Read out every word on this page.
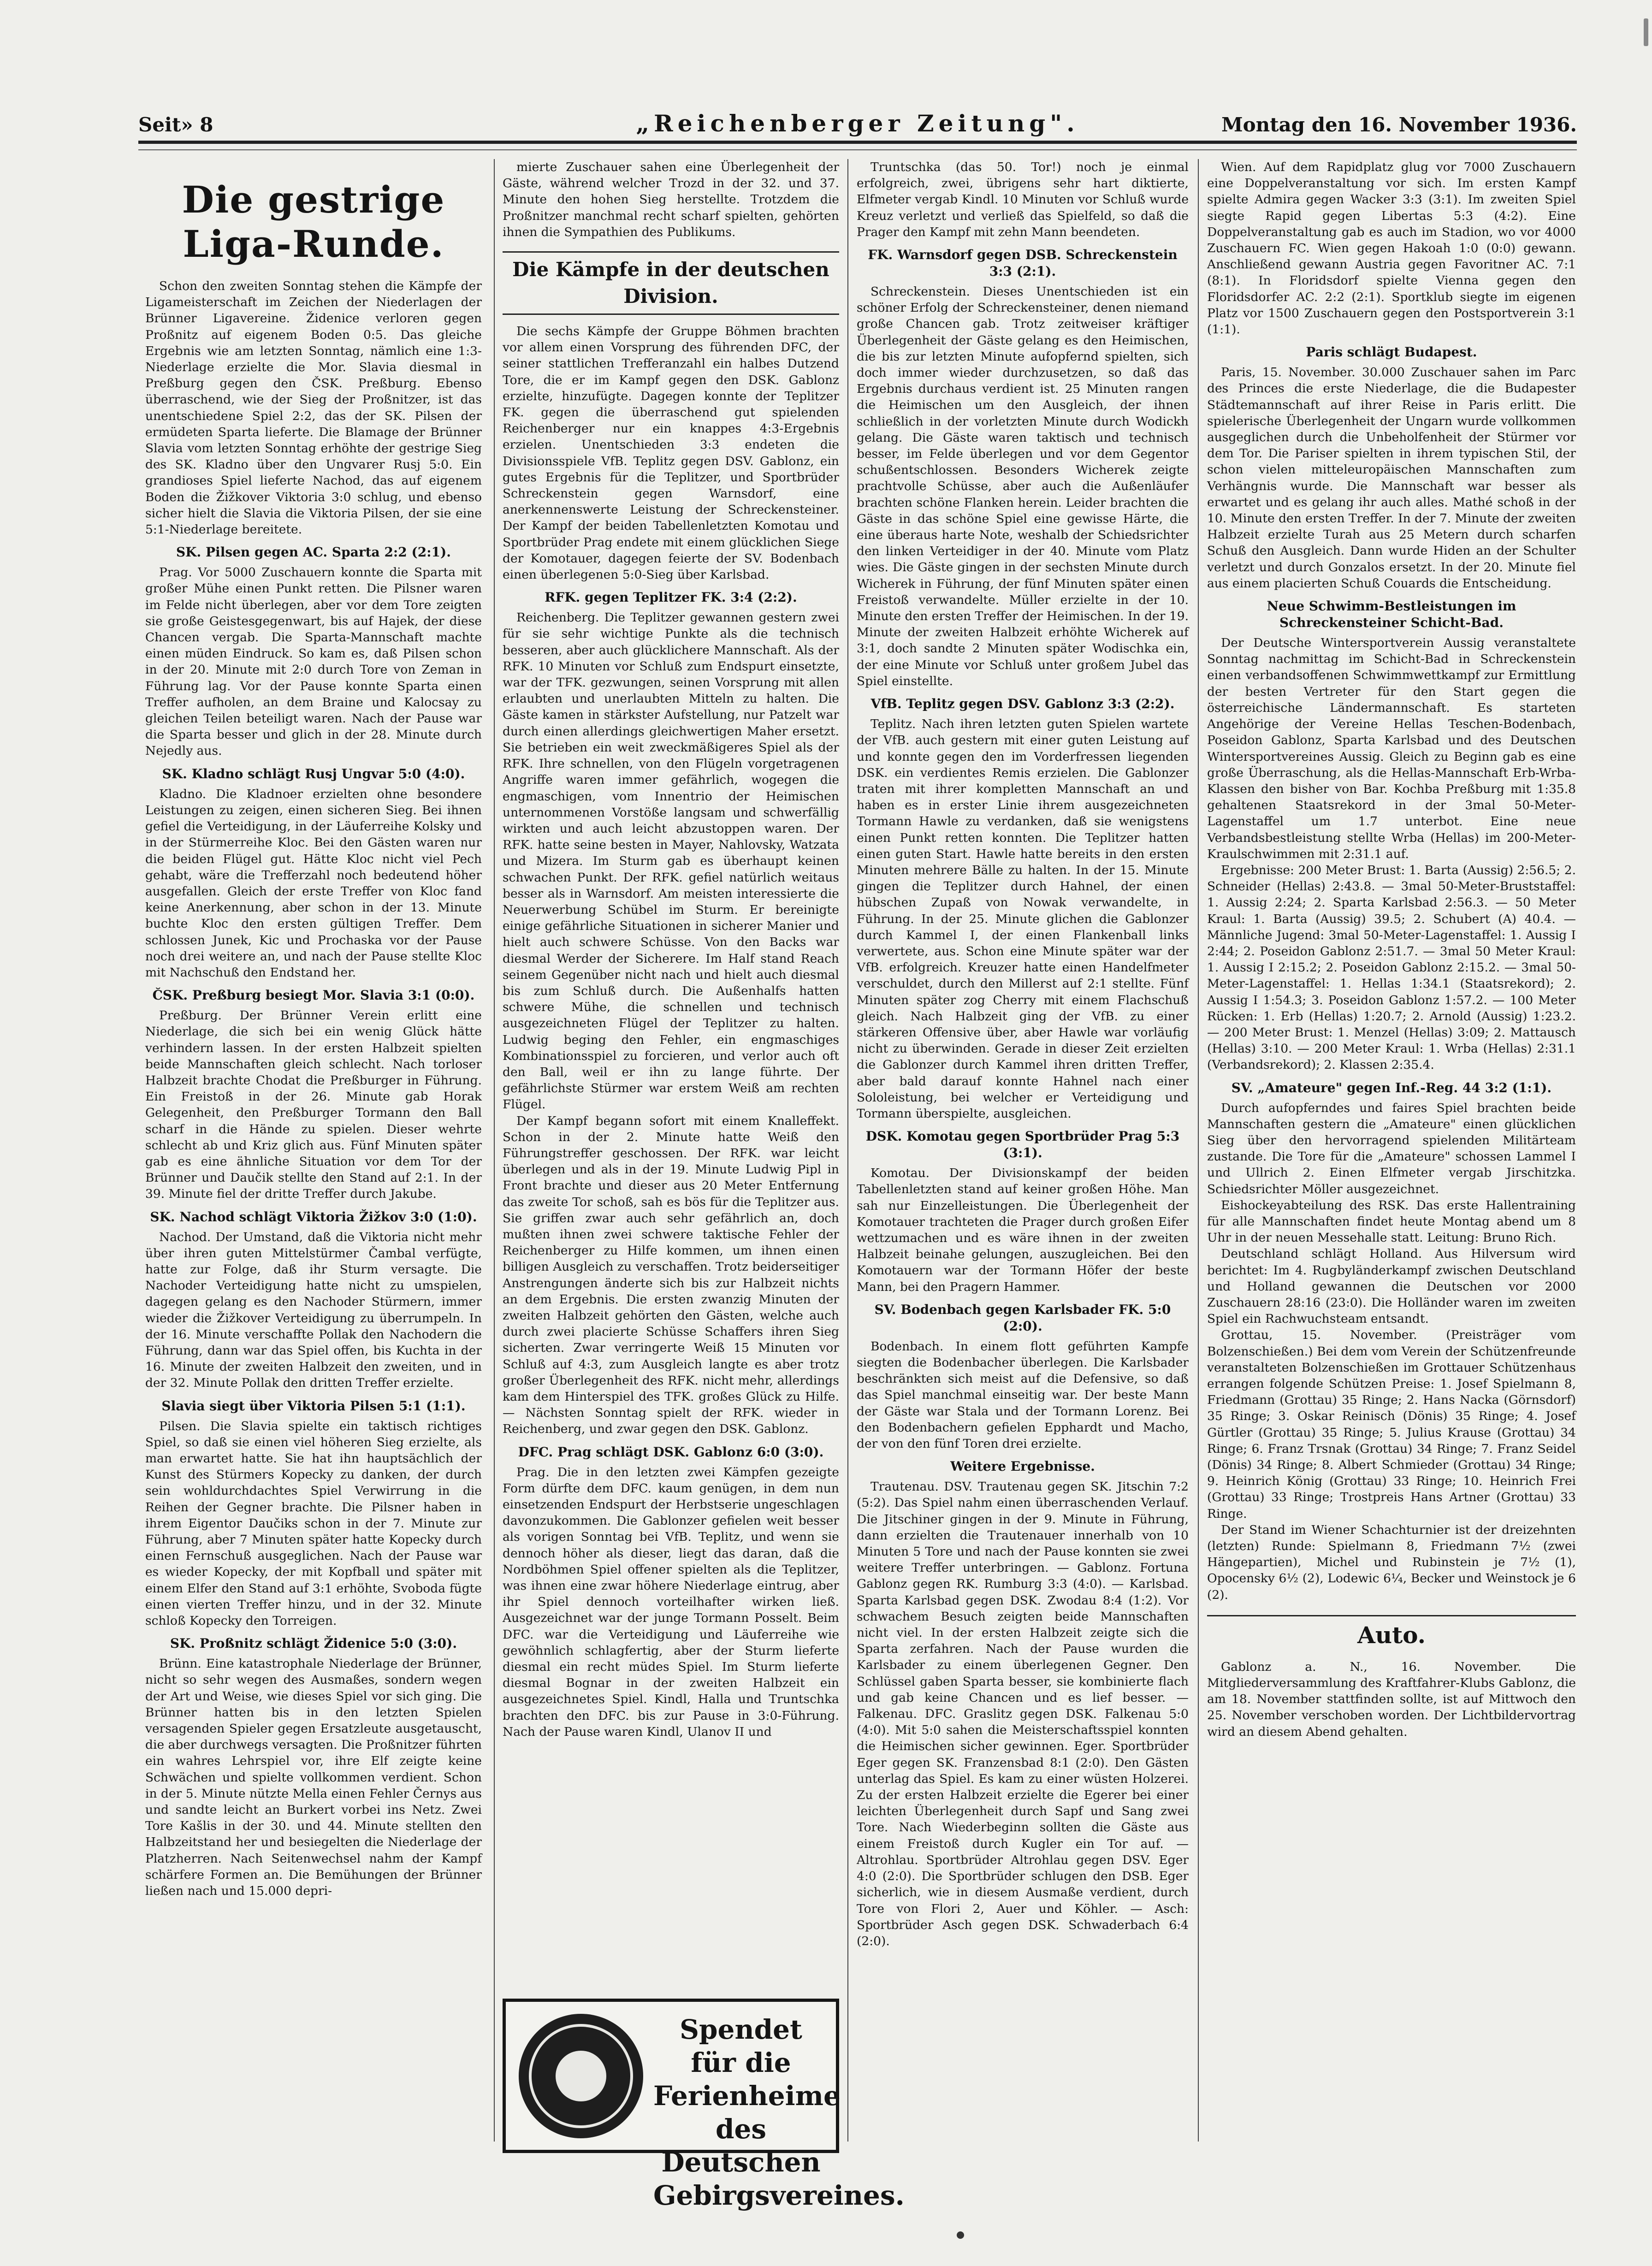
Seit» 8	„Reichenberger Zeitung".	Montag den 16. November 1936.
Die gestrige Liga-Runde.

Schon den zweiten Sonntag stehen die Kämpfe der Ligameisterschaft im Zeichen der Niederlagen der Brünner Ligavereine. Židenice verloren gegen Proßnitz auf eigenem Boden 0:5. Das gleiche Ergebnis wie am letzten Sonntag, nämlich eine 1:3-Niederlage erzielte die Mor. Slavia diesmal in Preßburg gegen den ČSK. Preßburg. Ebenso überraschend, wie der Sieg der Proßnitzer, ist das unentschiedene Spiel 2:2, das der SK. Pilsen der ermüdeten Sparta lieferte. Die Blamage der Brünner Slavia vom letzten Sonntag erhöhte der gestrige Sieg des SK. Kladno über den Ungvarer Rusj 5:0. Ein grandioses Spiel lieferte Nachod, das auf eigenem Boden die Žižkover Viktoria 3:0 schlug, und ebenso sicher hielt die Slavia die Viktoria Pilsen, der sie eine 5:1-Niederlage bereitete.

SK. Pilsen gegen AC. Sparta 2:2 (2:1).

Prag. Vor 5000 Zuschauern konnte die Sparta mit großer Mühe einen Punkt retten. Die Pilsner waren im Felde nicht überlegen, aber vor dem Tore zeigten sie große Geistesgegenwart, bis auf Hajek, der diese Chancen vergab. Die Sparta-Mannschaft machte einen müden Eindruck. So kam es, daß Pilsen schon in der 20. Minute mit 2:0 durch Tore von Zeman in Führung lag. Vor der Pause konnte Sparta einen Treffer aufholen, an dem Braine und Kalocsay zu gleichen Teilen beteiligt waren. Nach der Pause war die Sparta besser und glich in der 28. Minute durch Nejedly aus.

SK. Kladno schlägt Rusj Ungvar 5:0 (4:0).

Kladno. Die Kladnoer erzielten ohne besondere Leistungen zu zeigen, einen sicheren Sieg. Bei ihnen gefiel die Verteidigung, in der Läuferreihe Kolsky und in der Stürmerreihe Kloc. Bei den Gästen waren nur die beiden Flügel gut. Hätte Kloc nicht viel Pech gehabt, wäre die Trefferzahl noch bedeutend höher ausgefallen. Gleich der erste Treffer von Kloc fand keine Anerkennung, aber schon in der 13. Minute buchte Kloc den ersten gültigen Treffer. Dem schlossen Junek, Kic und Prochaska vor der Pause noch drei weitere an, und nach der Pause stellte Kloc mit Nachschuß den Endstand her.

ČSK. Preßburg besiegt Mor. Slavia 3:1 (0:0).

Preßburg. Der Brünner Verein erlitt eine Niederlage, die sich bei ein wenig Glück hätte verhindern lassen. In der ersten Halbzeit spielten beide Mannschaften gleich schlecht. Nach torloser Halbzeit brachte Chodat die Preßburger in Führung. Ein Freistoß in der 26. Minute gab Horak Gelegenheit, den Preßburger Tormann den Ball scharf in die Hände zu spielen. Dieser wehrte schlecht ab und Kriz glich aus. Fünf Minuten später gab es eine ähnliche Situation vor dem Tor der Brünner und Daučik stellte den Stand auf 2:1. In der 39. Minute fiel der dritte Treffer durch Jakube.

SK. Nachod schlägt Viktoria Žižkov 3:0 (1:0).

Nachod. Der Umstand, daß die Viktoria nicht mehr über ihren guten Mittelstürmer Čambal verfügte, hatte zur Folge, daß ihr Sturm versagte. Die Nachoder Verteidigung hatte nicht zu umspielen, dagegen gelang es den Nachoder Stürmern, immer wieder die Žižkover Verteidigung zu überrumpeln. In der 16. Minute verschaffte Pollak den Nachodern die Führung, dann war das Spiel offen, bis Kuchta in der 16. Minute der zweiten Halbzeit den zweiten, und in der 32. Minute Pollak den dritten Treffer erzielte.

Slavia siegt über Viktoria Pilsen 5:1 (1:1).

Pilsen. Die Slavia spielte ein taktisch richtiges Spiel, so daß sie einen viel höheren Sieg erzielte, als man erwartet hatte. Sie hat ihn hauptsächlich der Kunst des Stürmers Kopecky zu danken, der durch sein wohldurchdachtes Spiel Verwirrung in die Reihen der Gegner brachte. Die Pilsner haben in ihrem Eigentor Daučiks schon in der 7. Minute zur Führung, aber 7 Minuten später hatte Kopecky durch einen Fernschuß ausgeglichen. Nach der Pause war es wieder Kopecky, der mit Kopfball und später mit einem Elfer den Stand auf 3:1 erhöhte, Svoboda fügte einen vierten Treffer hinzu, und in der 32. Minute schloß Kopecky den Torreigen.

SK. Proßnitz schlägt Židenice 5:0 (3:0).

Brünn. Eine katastrophale Niederlage der Brünner, nicht so sehr wegen des Ausmaßes, sondern wegen der Art und Weise, wie dieses Spiel vor sich ging. Die Brünner hatten bis in den letzten Spielen versagenden Spieler gegen Ersatzleute ausgetauscht, die aber durchwegs versagten. Die Proßnitzer führten ein wahres Lehrspiel vor, ihre Elf zeigte keine Schwächen und spielte vollkommen verdient. Schon in der 5. Minute nützte Mella einen Fehler Černys aus und sandte leicht an Burkert vorbei ins Netz. Zwei Tore Kašlis in der 30. und 44. Minute stellten den Halbzeitstand her und besiegelten die Niederlage der Platzherren. Nach Seitenwechsel nahm der Kampf schärfere Formen an. Die Bemühungen der Brünner ließen nach und 15.000 depri-

mierte Zuschauer sahen eine Überlegenheit der Gäste, während welcher Trozd in der 32. und 37. Minute den hohen Sieg herstellte. Trotzdem die Proßnitzer manchmal recht scharf spielten, gehörten ihnen die Sympathien des Publikums.

Die Kämpfe in der deutschen Division.

Die sechs Kämpfe der Gruppe Böhmen brachten vor allem einen Vorsprung des führenden DFC, der seiner stattlichen Trefferanzahl ein halbes Dutzend Tore, die er im Kampf gegen den DSK. Gablonz erzielte, hinzufügte. Dagegen konnte der Teplitzer FK. gegen die überraschend gut spielenden Reichenberger nur ein knappes 4:3-Ergebnis erzielen. Unentschieden 3:3 endeten die Divisionsspiele VfB. Teplitz gegen DSV. Gablonz, ein gutes Ergebnis für die Teplitzer, und Sportbrüder Schreckenstein gegen Warnsdorf, eine anerkennenswerte Leistung der Schreckensteiner. Der Kampf der beiden Tabellenletzten Komotau und Sportbrüder Prag endete mit einem glücklichen Siege der Komotauer, dagegen feierte der SV. Bodenbach einen überlegenen 5:0-Sieg über Karlsbad.

RFK. gegen Teplitzer FK. 3:4 (2:2).

Reichenberg. Die Teplitzer gewannen gestern zwei für sie sehr wichtige Punkte als die technisch besseren, aber auch glücklichere Mannschaft. Als der RFK. 10 Minuten vor Schluß zum Endspurt einsetzte, war der TFK. gezwungen, seinen Vorsprung mit allen erlaubten und unerlaubten Mitteln zu halten. Die Gäste kamen in stärkster Aufstellung, nur Patzelt war durch einen allerdings gleichwertigen Maher ersetzt. Sie betrieben ein weit zweckmäßigeres Spiel als der RFK. Ihre schnellen, von den Flügeln vorgetragenen Angriffe waren immer gefährlich, wogegen die engmaschigen, vom Innentrio der Heimischen unternommenen Vorstöße langsam und schwerfällig wirkten und auch leicht abzustoppen waren. Der RFK. hatte seine besten in Mayer, Nahlovsky, Watzata und Mizera. Im Sturm gab es überhaupt keinen schwachen Punkt. Der RFK. gefiel natürlich weitaus besser als in Warnsdorf. Am meisten interessierte die Neuerwerbung Schübel im Sturm. Er bereinigte einige gefährliche Situationen in sicherer Manier und hielt auch schwere Schüsse. Von den Backs war diesmal Werder der Sicherere. Im Half stand Reach seinem Gegenüber nicht nach und hielt auch diesmal bis zum Schluß durch. Die Außenhalfs hatten schwere Mühe, die schnellen und technisch ausgezeichneten Flügel der Teplitzer zu halten. Ludwig beging den Fehler, ein engmaschiges Kombinationsspiel zu forcieren, und verlor auch oft den Ball, weil er ihn zu lange führte. Der gefährlichste Stürmer war erstem Weiß am rechten Flügel.

Der Kampf begann sofort mit einem Knalleffekt. Schon in der 2. Minute hatte Weiß den Führungstreffer geschossen. Der RFK. war leicht überlegen und als in der 19. Minute Ludwig Pipl in Front brachte und dieser aus 20 Meter Entfernung das zweite Tor schoß, sah es bös für die Teplitzer aus. Sie griffen zwar auch sehr gefährlich an, doch mußten ihnen zwei schwere taktische Fehler der Reichenberger zu Hilfe kommen, um ihnen einen billigen Ausgleich zu verschaffen. Trotz beiderseitiger Anstrengungen änderte sich bis zur Halbzeit nichts an dem Ergebnis. Die ersten zwanzig Minuten der zweiten Halbzeit gehörten den Gästen, welche auch durch zwei placierte Schüsse Schaffers ihren Sieg sicherten. Zwar verringerte Weiß 15 Minuten vor Schluß auf 4:3, zum Ausgleich langte es aber trotz großer Überlegenheit des RFK. nicht mehr, allerdings kam dem Hinterspiel des TFK. großes Glück zu Hilfe. — Nächsten Sonntag spielt der RFK. wieder in Reichenberg, und zwar gegen den DSK. Gablonz.

DFC. Prag schlägt DSK. Gablonz 6:0 (3:0).

Prag. Die in den letzten zwei Kämpfen gezeigte Form dürfte dem DFC. kaum genügen, in dem nun einsetzenden Endspurt der Herbstserie ungeschlagen davonzukommen. Die Gablonzer gefielen weit besser als vorigen Sonntag bei VfB. Teplitz, und wenn sie dennoch höher als dieser, liegt das daran, daß die Nordböhmen Spiel offener spielten als die Teplitzer, was ihnen eine zwar höhere Niederlage eintrug, aber ihr Spiel dennoch vorteilhafter wirken ließ. Ausgezeichnet war der junge Tormann Posselt. Beim DFC. war die Verteidigung und Läuferreihe wie gewöhnlich schlagfertig, aber der Sturm lieferte diesmal ein recht müdes Spiel. Im Sturm lieferte diesmal Bognar in der zweiten Halbzeit ein ausgezeichnetes Spiel. Kindl, Halla und Truntschka brachten den DFC. bis zur Pause in 3:0-Führung. Nach der Pause waren Kindl, Ulanov II und

Spendet für die
Ferienheime
des Deutschen
Gebirgsvereines.

Truntschka (das 50. Tor!) noch je einmal erfolgreich, zwei, übrigens sehr hart diktierte, Elfmeter vergab Kindl. 10 Minuten vor Schluß wurde Kreuz verletzt und verließ das Spielfeld, so daß die Prager den Kampf mit zehn Mann beendeten.

FK. Warnsdorf gegen DSB. Schreckenstein 3:3 (2:1).

Schreckenstein. Dieses Unentschieden ist ein schöner Erfolg der Schreckensteiner, denen niemand große Chancen gab. Trotz zeitweiser kräftiger Überlegenheit der Gäste gelang es den Heimischen, die bis zur letzten Minute aufopfernd spielten, sich doch immer wieder durchzusetzen, so daß das Ergebnis durchaus verdient ist. 25 Minuten rangen die Heimischen um den Ausgleich, der ihnen schließlich in der vorletzten Minute durch Wodickh gelang. Die Gäste waren taktisch und technisch besser, im Felde überlegen und vor dem Gegentor schußentschlossen. Besonders Wicherek zeigte prachtvolle Schüsse, aber auch die Außenläufer brachten schöne Flanken herein. Leider brachten die Gäste in das schöne Spiel eine gewisse Härte, die eine überaus harte Note, weshalb der Schiedsrichter den linken Verteidiger in der 40. Minute vom Platz wies. Die Gäste gingen in der sechsten Minute durch Wicherek in Führung, der fünf Minuten später einen Freistoß verwandelte. Müller erzielte in der 10. Minute den ersten Treffer der Heimischen. In der 19. Minute der zweiten Halbzeit erhöhte Wicherek auf 3:1, doch sandte 2 Minuten später Wodischka ein, der eine Minute vor Schluß unter großem Jubel das Spiel einstellte.

VfB. Teplitz gegen DSV. Gablonz 3:3 (2:2).

Teplitz. Nach ihren letzten guten Spielen wartete der VfB. auch gestern mit einer guten Leistung auf und konnte gegen den im Vorderfressen liegenden DSK. ein verdientes Remis erzielen. Die Gablonzer traten mit ihrer kompletten Mannschaft an und haben es in erster Linie ihrem ausgezeichneten Tormann Hawle zu verdanken, daß sie wenigstens einen Punkt retten konnten. Die Teplitzer hatten einen guten Start. Hawle hatte bereits in den ersten Minuten mehrere Bälle zu halten. In der 15. Minute gingen die Teplitzer durch Hahnel, der einen hübschen Zupaß von Nowak verwandelte, in Führung. In der 25. Minute glichen die Gablonzer durch Kammel I, der einen Flankenball links verwertete, aus. Schon eine Minute später war der VfB. erfolgreich. Kreuzer hatte einen Handelfmeter verschuldet, durch den Millerst auf 2:1 stellte. Fünf Minuten später zog Cherry mit einem Flachschuß gleich. Nach Halbzeit ging der VfB. zu einer stärkeren Offensive über, aber Hawle war vorläufig nicht zu überwinden. Gerade in dieser Zeit erzielten die Gablonzer durch Kammel ihren dritten Treffer, aber bald darauf konnte Hahnel nach einer Sololeistung, bei welcher er Verteidigung und Tormann überspielte, ausgleichen.

DSK. Komotau gegen Sportbrüder Prag 5:3 (3:1).

Komotau. Der Divisionskampf der beiden Tabellenletzten stand auf keiner großen Höhe. Man sah nur Einzelleistungen. Die Überlegenheit der Komotauer trachteten die Prager durch großen Eifer wettzumachen und es wäre ihnen in der zweiten Halbzeit beinahe gelungen, auszugleichen. Bei den Komotauern war der Tormann Höfer der beste Mann, bei den Pragern Hammer.

SV. Bodenbach gegen Karlsbader FK. 5:0 (2:0).

Bodenbach. In einem flott geführten Kampfe siegten die Bodenbacher überlegen. Die Karlsbader beschränkten sich meist auf die Defensive, so daß das Spiel manchmal einseitig war. Der beste Mann der Gäste war Stala und der Tormann Lorenz. Bei den Bodenbachern gefielen Epphardt und Macho, der von den fünf Toren drei erzielte.

Weitere Ergebnisse.

Trautenau. DSV. Trautenau gegen SK. Jitschin 7:2 (5:2). Das Spiel nahm einen überraschenden Verlauf. Die Jitschiner gingen in der 9. Minute in Führung, dann erzielten die Trautenauer innerhalb von 10 Minuten 5 Tore und nach der Pause konnten sie zwei weitere Treffer unterbringen. — Gablonz. Fortuna Gablonz gegen RK. Rumburg 3:3 (4:0). — Karlsbad. Sparta Karlsbad gegen DSK. Zwodau 8:4 (1:2). Vor schwachem Besuch zeigten beide Mannschaften nicht viel. In der ersten Halbzeit zeigte sich die Sparta zerfahren. Nach der Pause wurden die Karlsbader zu einem überlegenen Gegner. Den Schlüssel gaben Sparta besser, sie kombinierte flach und gab keine Chancen und es lief besser. — Falkenau. DFC. Graslitz gegen DSK. Falkenau 5:0 (4:0). Mit 5:0 sahen die Meisterschaftsspiel konnten die Heimischen sicher gewinnen. Eger. Sportbrüder Eger gegen SK. Franzensbad 8:1 (2:0). Den Gästen unterlag das Spiel. Es kam zu einer wüsten Holzerei. Zu der ersten Halbzeit erzielte die Egerer bei einer leichten Überlegenheit durch Sapf und Sang zwei Tore. Nach Wiederbeginn sollten die Gäste aus einem Freistoß durch Kugler ein Tor auf. — Altrohlau. Sportbrüder Altrohlau gegen DSV. Eger 4:0 (2:0). Die Sportbrüder schlugen den DSB. Eger sicherlich, wie in diesem Ausmaße verdient, durch Tore von Flori 2, Auer und Köhler. — Asch: Sportbrüder Asch gegen DSK. Schwaderbach 6:4 (2:0).

Wien. Auf dem Rapidplatz glug vor 7000 Zuschauern eine Doppelveranstaltung vor sich. Im ersten Kampf spielte Admira gegen Wacker 3:3 (3:1). Im zweiten Spiel siegte Rapid gegen Libertas 5:3 (4:2). Eine Doppelveranstaltung gab es auch im Stadion, wo vor 4000 Zuschauern FC. Wien gegen Hakoah 1:0 (0:0) gewann. Anschließend gewann Austria gegen Favoritner AC. 7:1 (8:1). In Floridsdorf spielte Vienna gegen den Floridsdorfer AC. 2:2 (2:1). Sportklub siegte im eigenen Platz vor 1500 Zuschauern gegen den Postsportverein 3:1 (1:1).

Paris schlägt Budapest.

Paris, 15. November. 30.000 Zuschauer sahen im Parc des Princes die erste Niederlage, die die Budapester Städtemannschaft auf ihrer Reise in Paris erlitt. Die spielerische Überlegenheit der Ungarn wurde vollkommen ausgeglichen durch die Unbeholfenheit der Stürmer vor dem Tor. Die Pariser spielten in ihrem typischen Stil, der schon vielen mitteleuropäischen Mannschaften zum Verhängnis wurde. Die Mannschaft war besser als erwartet und es gelang ihr auch alles. Mathé schoß in der 10. Minute den ersten Treffer. In der 7. Minute der zweiten Halbzeit erzielte Turah aus 25 Metern durch scharfen Schuß den Ausgleich. Dann wurde Hiden an der Schulter verletzt und durch Gonzalos ersetzt. In der 20. Minute fiel aus einem placierten Schuß Couards die Entscheidung.

Neue Schwimm-Bestleistungen im Schreckensteiner Schicht-Bad.

Der Deutsche Wintersportverein Aussig veranstaltete Sonntag nachmittag im Schicht-Bad in Schreckenstein einen verbandsoffenen Schwimmwettkampf zur Ermittlung der besten Vertreter für den Start gegen die österreichische Ländermannschaft. Es starteten Angehörige der Vereine Hellas Teschen-Bodenbach, Poseidon Gablonz, Sparta Karlsbad und des Deutschen Wintersportvereines Aussig. Gleich zu Beginn gab es eine große Überraschung, als die Hellas-Mannschaft Erb-Wrba-Klassen den bisher von Bar. Kochba Preßburg mit 1:35.8 gehaltenen Staatsrekord in der 3mal 50-Meter-Lagenstaffel um 1.7 unterbot. Eine neue Verbandsbestleistung stellte Wrba (Hellas) im 200-Meter-Kraulschwimmen mit 2:31.1 auf.

Ergebnisse: 200 Meter Brust: 1. Barta (Aussig) 2:56.5; 2. Schneider (Hellas) 2:43.8. — 3mal 50-Meter-Bruststaffel: 1. Aussig 2:24; 2. Sparta Karlsbad 2:56.3. — 50 Meter Kraul: 1. Barta (Aussig) 39.5; 2. Schubert (A) 40.4. — Männliche Jugend: 3mal 50-Meter-Lagenstaffel: 1. Aussig I 2:44; 2. Poseidon Gablonz 2:51.7. — 3mal 50 Meter Kraul: 1. Aussig I 2:15.2; 2. Poseidon Gablonz 2:15.2. — 3mal 50-Meter-Lagenstaffel: 1. Hellas 1:34.1 (Staatsrekord); 2. Aussig I 1:54.3; 3. Poseidon Gablonz 1:57.2. — 100 Meter Rücken: 1. Erb (Hellas) 1:20.7; 2. Arnold (Aussig) 1:23.2. — 200 Meter Brust: 1. Menzel (Hellas) 3:09; 2. Mattausch (Hellas) 3:10. — 200 Meter Kraul: 1. Wrba (Hellas) 2:31.1 (Verbandsrekord); 2. Klassen 2:35.4.

SV. „Amateure" gegen Inf.-Reg. 44 3:2 (1:1).

Durch aufopferndes und faires Spiel brachten beide Mannschaften gestern die „Amateure" einen glücklichen Sieg über den hervorragend spielenden Militärteam zustande. Die Tore für die „Amateure" schossen Lammel I und Ullrich 2. Einen Elfmeter vergab Jirschitzka. Schiedsrichter Möller ausgezeichnet.

Eishockeyabteilung des RSK. Das erste Hallentraining für alle Mannschaften findet heute Montag abend um 8 Uhr in der neuen Messehalle statt. Leitung: Bruno Rich.

Deutschland schlägt Holland. Aus Hilversum wird berichtet: Im 4. Rugbyländerkampf zwischen Deutschland und Holland gewannen die Deutschen vor 2000 Zuschauern 28:16 (23:0). Die Holländer waren im zweiten Spiel ein Rachwuchsteam entsandt.

Grottau, 15. November. (Preisträger vom Bolzenschießen.) Bei dem vom Verein der Schützenfreunde veranstalteten Bolzenschießen im Grottauer Schützenhaus errangen folgende Schützen Preise: 1. Josef Spielmann 8, Friedmann (Grottau) 35 Ringe; 2. Hans Nacka (Görnsdorf) 35 Ringe; 3. Oskar Reinisch (Dönis) 35 Ringe; 4. Josef Gürtler (Grottau) 35 Ringe; 5. Julius Krause (Grottau) 34 Ringe; 6. Franz Trsnak (Grottau) 34 Ringe; 7. Franz Seidel (Dönis) 34 Ringe; 8. Albert Schmieder (Grottau) 34 Ringe; 9. Heinrich König (Grottau) 33 Ringe; 10. Heinrich Frei (Grottau) 33 Ringe; Trostpreis Hans Artner (Grottau) 33 Ringe.

Der Stand im Wiener Schachturnier ist der dreizehnten (letzten) Runde: Spielmann 8, Friedmann 7½ (zwei Hängepartien), Michel und Rubinstein je 7½ (1), Opocensky 6½ (2), Lodewic 6¼, Becker und Weinstock je 6 (2).

Auto.

Gablonz a. N., 16. November. Die Mitgliederversammlung des Kraftfahrer-Klubs Gablonz, die am 18. November stattfinden sollte, ist auf Mittwoch den 25. November verschoben worden. Der Lichtbildervortrag wird an diesem Abend gehalten.
